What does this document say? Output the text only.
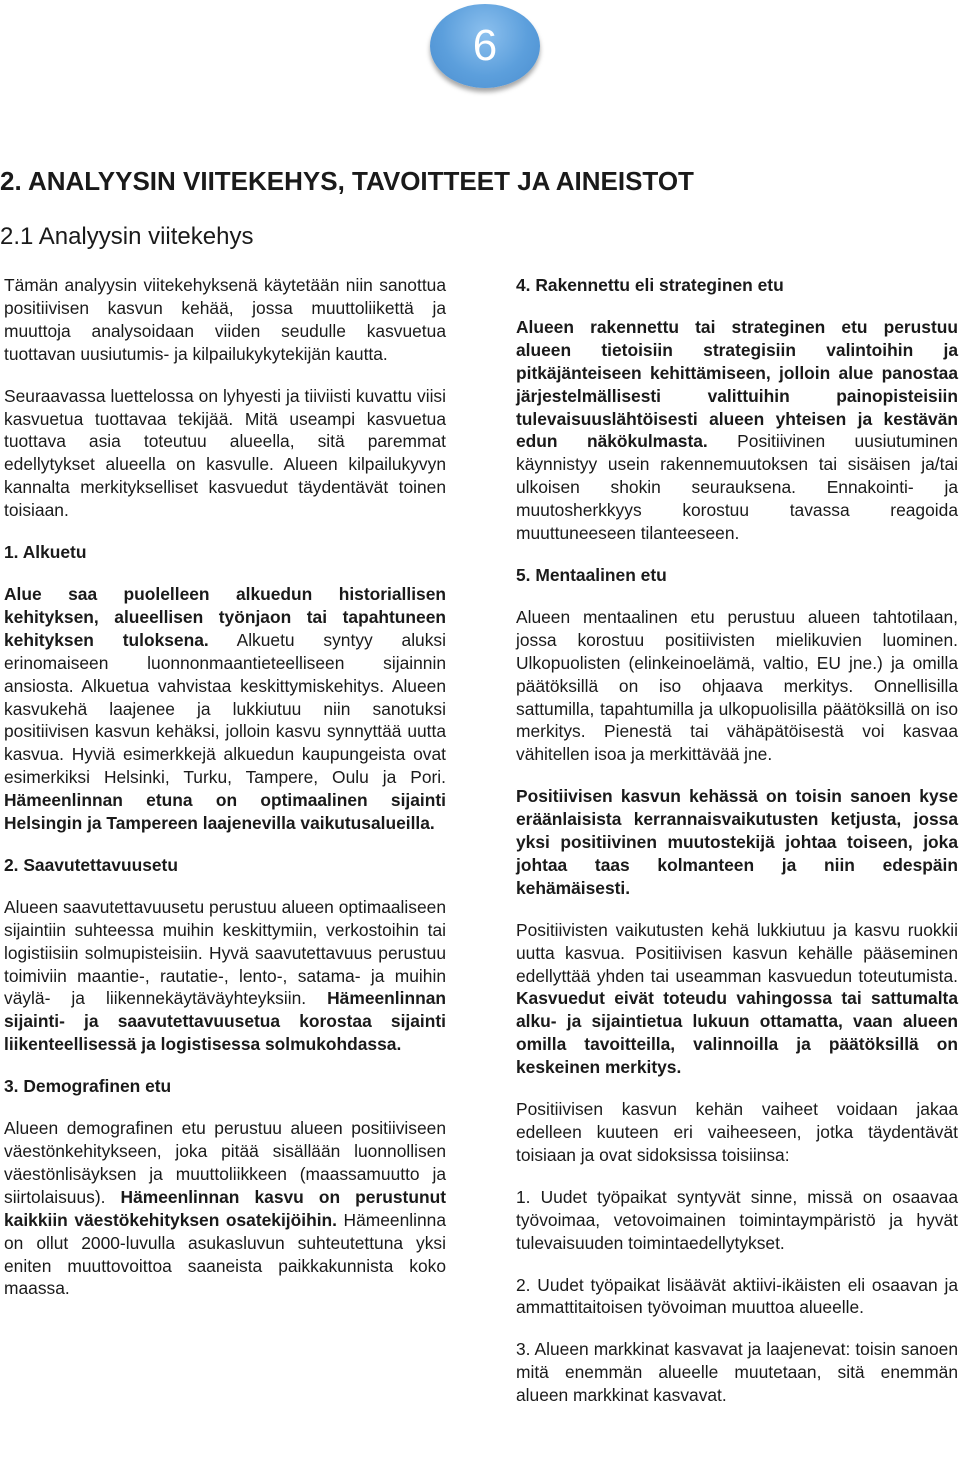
6
2. ANALYYSIN VIITEKEHYS, TAVOITTEET JA AINEISTOT
2.1 Analyysin viitekehys

Tämän analyysin viitekehyksenä käytetään niin sanottua positiivisen kasvun kehää, jossa muuttoliikettä ja muuttoja analysoidaan viiden seudulle kasvuetua tuottavan uusiutumis- ja kilpailukykytekijän kautta.

Seuraavassa luettelossa on lyhyesti ja tiiviisti kuvattu viisi kasvuetua tuottavaa tekijää. Mitä useampi kasvuetua tuottava asia toteutuu alueella, sitä paremmat edellytykset alueella on kasvulle. Alueen kilpailukyvyn kannalta merkitykselliset kasvuedut täydentävät toinen toisiaan.

1. Alkuetu

Alue saa puolelleen alkuedun historiallisen kehityksen, alueellisen työnjaon tai tapahtuneen kehityksen tuloksena. Alkuetu syntyy aluksi erinomaiseen luonnonmaantieteelliseen sijainnin ansiosta. Alkuetua vahvistaa keskittymiskehitys. Alueen kasvukehä laajenee ja lukkiutuu niin sanotuksi positiivisen kasvun kehäksi, jolloin kasvu synnyttää uutta kasvua. Hyviä esimerkkejä alkuedun kaupungeista ovat esimerkiksi Helsinki, Turku, Tampere, Oulu ja Pori. Hämeenlinnan etuna on optimaalinen sijainti Helsingin ja Tampereen laajenevilla vaikutusalueilla.

2. Saavutettavuusetu

Alueen saavutettavuusetu perustuu alueen optimaaliseen sijaintiin suhteessa muihin keskittymiin, verkostoihin tai logistiisiin solmupisteisiin. Hyvä saavutettavuus perustuu toimiviin maantie-, rautatie-, lento-, satama- ja muihin väylä- ja liikennekäytäväyhteyksiin. Hämeenlinnan sijainti- ja saavutettavuusetua korostaa sijainti liikenteellisessä ja logistisessa solmukohdassa.

3. Demografinen etu

Alueen demografinen etu perustuu alueen positiiviseen väestönkehitykseen, joka pitää sisällään luonnollisen väestönlisäyksen ja muuttoliikkeen (maassamuutto ja siirtolaisuus). Hämeenlinnan kasvu on perustunut kaikkiin väestökehityksen osatekijöihin. Hämeenlinna on ollut 2000-luvulla asukasluvun suhteutettuna yksi eniten muuttovoittoa saaneista paikkakunnista koko maassa.

4. Rakennettu eli strateginen etu

Alueen rakennettu tai strateginen etu perustuu alueen tietoisiin strategisiin valintoihin ja pitkäjänteiseen kehittämiseen, jolloin alue panostaa järjestelmällisesti valittuihin painopisteisiin tulevaisuuslähtöisesti alueen yhteisen ja kestävän edun näkökulmasta. Positiivinen uusiutuminen käynnistyy usein rakennemuutoksen tai sisäisen ja/tai ulkoisen shokin seurauksena. Ennakointi- ja muutosherkkyys korostuu tavassa reagoida muuttuneeseen tilanteeseen.

5. Mentaalinen etu

Alueen mentaalinen etu perustuu alueen tahtotilaan, jossa korostuu positiivisten mielikuvien luominen. Ulkopuolisten (elinkeinoelämä, valtio, EU jne.) ja omilla päätöksillä on iso ohjaava merkitys. Onnellisilla sattumilla, tapahtumilla ja ulkopuolisilla päätöksillä on iso merkitys. Pienestä tai vähäpätöisestä voi kasvaa vähitellen isoa ja merkittävää jne.

Positiivisen kasvun kehässä on toisin sanoen kyse eräänlaisista kerrannaisvaikutusten ketjusta, jossa yksi positiivinen muutostekijä johtaa toiseen, joka johtaa taas kolmanteen ja niin edespäin kehämäisesti.

Positiivisten vaikutusten kehä lukkiutuu ja kasvu ruokkii uutta kasvua. Positiivisen kasvun kehälle pääseminen edellyttää yhden tai useamman kasvuedun toteutumista. Kasvuedut eivät toteudu vahingossa tai sattumalta alku- ja sijaintietua lukuun ottamatta, vaan alueen omilla tavoitteilla, valinnoilla ja päätöksillä on keskeinen merkitys.

Positiivisen kasvun kehän vaiheet voidaan jakaa edelleen kuuteen eri vaiheeseen, jotka täydentävät toisiaan ja ovat sidoksissa toisiinsa:

1. Uudet työpaikat syntyvät sinne, missä on osaavaa työvoimaa, vetovoimainen toimintaympäristö ja hyvät tulevaisuuden toimintaedellytykset.

2. Uudet työpaikat lisäävät aktiivi-ikäisten eli osaavan ja ammattitaitoisen työvoiman muuttoa alueelle.

3. Alueen markkinat kasvavat ja laajenevat: toisin sanoen mitä enemmän alueelle muutetaan, sitä enemmän alueen markkinat kasvavat.
